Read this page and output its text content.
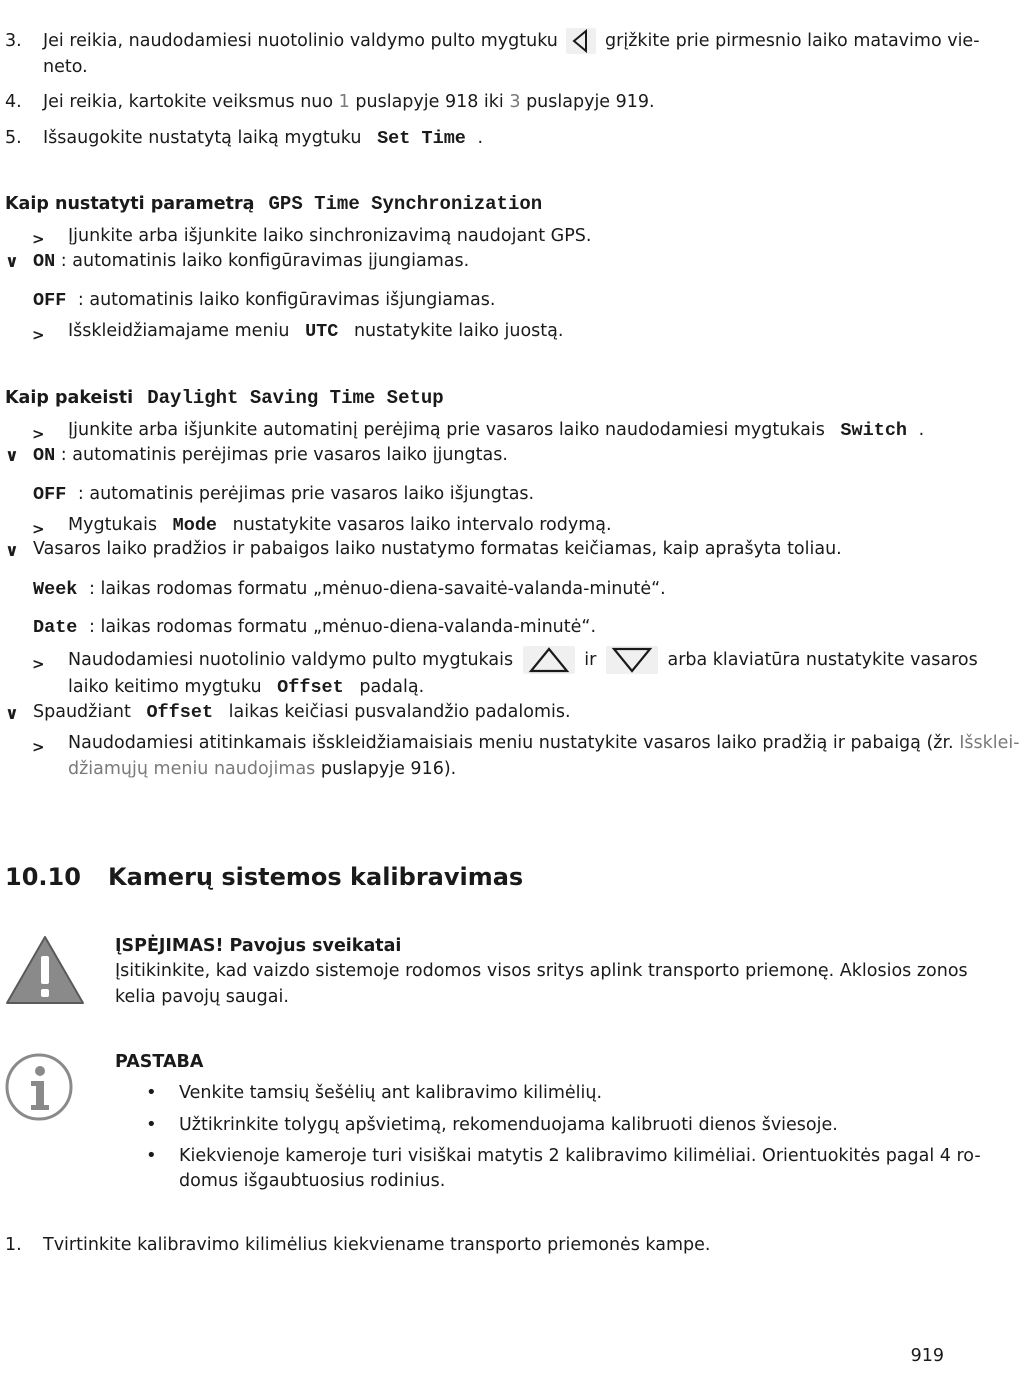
3. Jei reikia, naudodamiesi nuotolinio valdymo pulto mygtuku	grįžkite prie pirmesnio laiko matavimo vie-
neto.
4. Jei reikia, kartokite veiksmus nuo 1 puslapyje 918 iki 3 puslapyje 919.
5. Išsaugokite nustatytą laiką mygtuku Set Time .
Kaip nustatyti parametrą GPS Time Synchronization
> Įjunkite arba išjunkite laiko sinchronizavimą naudojant GPS.
∨ ON : automatinis laiko konfigūravimas įjungiamas.
OFF : automatinis laiko konfigūravimas išjungiamas.
> Išskleidžiamajame meniu UTC nustatykite laiko juostą.
Kaip pakeisti Daylight Saving Time Setup
> Įjunkite arba išjunkite automatinį perėjimą prie vasaros laiko naudodamiesi mygtukais Switch .
∨ ON : automatinis perėjimas prie vasaros laiko įjungtas.
OFF : automatinis perėjimas prie vasaros laiko išjungtas.
> Mygtukais Mode nustatykite vasaros laiko intervalo rodymą.
∨ Vasaros laiko pradžios ir pabaigos laiko nustatymo formatas keičiamas, kaip aprašyta toliau.
Week : laikas rodomas formatu „mėnuo-diena-savaitė-valanda-minutė“.
Date : laikas rodomas formatu „mėnuo-diena-valanda-minutė“.
> Naudodamiesi nuotolinio valdymo pulto mygtukais	ir	arba klaviatūra nustatykite vasaros
laiko keitimo mygtuku Offset padalą.
∨ Spaudžiant Offset laikas keičiasi pusvalandžio padalomis.
> Naudodamiesi atitinkamais išskleidžiamaisiais meniu nustatykite vasaros laiko pradžią ir pabaigą (žr. Išsklei-
džiamųjų meniu naudojimas puslapyje 916).
10.10 Kamerų sistemos kalibravimas
ĮSPĖJIMAS! Pavojus sveikatai
Įsitikinkite, kad vaizdo sistemoje rodomos visos sritys aplink transporto priemonę. Aklosios zonos
kelia pavojų saugai.
PASTABA
• Venkite tamsių šešėlių ant kalibravimo kilimėlių.
• Užtikrinkite tolygų apšvietimą, rekomenduojama kalibruoti dienos šviesoje.
• Kiekvienoje kameroje turi visiškai matytis 2 kalibravimo kilimėliai. Orientuokitės pagal 4 ro-
domus išgaubtuosius rodinius.
1. Tvirtinkite kalibravimo kilimėlius kiekviename transporto priemonės kampe.
919
